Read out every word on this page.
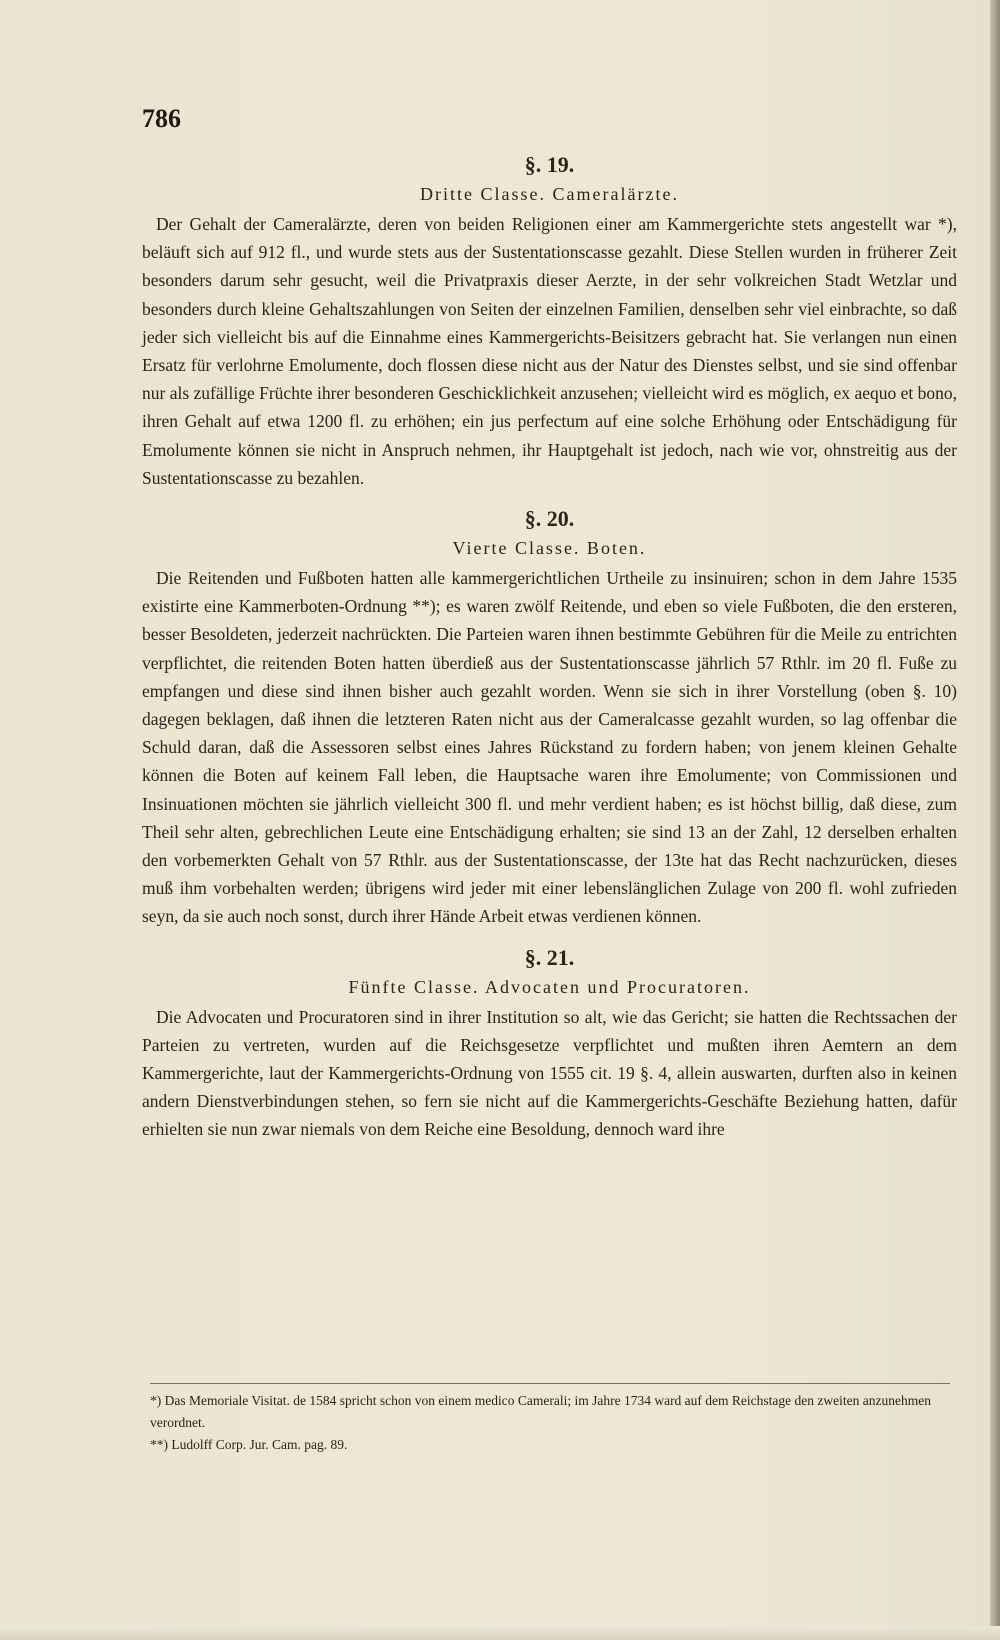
786

§. 19.

Dritte Classe. Cameralärzte.

Der Gehalt der Cameralärzte, deren von beiden Religionen einer am Kammergerichte stets angestellt war *), beläuft sich auf 912 fl., und wurde stets aus der Sustentationscasse gezahlt. Diese Stellen wurden in früherer Zeit besonders darum sehr gesucht, weil die Privatpraxis dieser Aerzte, in der sehr volkreichen Stadt Wetzlar und besonders durch kleine Gehaltszahlungen von Seiten der einzelnen Familien, denselben sehr viel einbrachte, so daß jeder sich vielleicht bis auf die Einnahme eines Kammergerichts-Beisitzers gebracht hat. Sie verlangen nun einen Ersatz für verlohrne Emolumente, doch flossen diese nicht aus der Natur des Dienstes selbst, und sie sind offenbar nur als zufällige Früchte ihrer besonderen Geschicklichkeit anzusehen; vielleicht wird es möglich, ex aequo et bono, ihren Gehalt auf etwa 1200 fl. zu erhöhen; ein jus perfectum auf eine solche Erhöhung oder Entschädigung für Emolumente können sie nicht in Anspruch nehmen, ihr Hauptgehalt ist jedoch, nach wie vor, ohnstreitig aus der Sustentationscasse zu bezahlen.

§. 20.

Vierte Classe. Boten.

Die Reitenden und Fußboten hatten alle kammergerichtlichen Urtheile zu insinuiren; schon in dem Jahre 1535 existirte eine Kammerboten-Ordnung **); es waren zwölf Reitende, und eben so viele Fußboten, die den ersteren, besser Besoldeten, jederzeit nachrückten. Die Parteien waren ihnen bestimmte Gebühren für die Meile zu entrichten verpflichtet, die reitenden Boten hatten überdieß aus der Sustentationscasse jährlich 57 Rthlr. im 20 fl. Fuße zu empfangen und diese sind ihnen bisher auch gezahlt worden. Wenn sie sich in ihrer Vorstellung (oben §. 10) dagegen beklagen, daß ihnen die letzteren Raten nicht aus der Cameralcasse gezahlt wurden, so lag offenbar die Schuld daran, daß die Assessoren selbst eines Jahres Rückstand zu fordern haben; von jenem kleinen Gehalte können die Boten auf keinem Fall leben, die Hauptsache waren ihre Emolumente; von Commissionen und Insinuationen möchten sie jährlich vielleicht 300 fl. und mehr verdient haben; es ist höchst billig, daß diese, zum Theil sehr alten, gebrechlichen Leute eine Entschädigung erhalten; sie sind 13 an der Zahl, 12 derselben erhalten den vorbemerkten Gehalt von 57 Rthlr. aus der Sustentationscasse, der 13te hat das Recht nachzurücken, dieses muß ihm vorbehalten werden; übrigens wird jeder mit einer lebenslänglichen Zulage von 200 fl. wohl zufrieden seyn, da sie auch noch sonst, durch ihrer Hände Arbeit etwas verdienen können.

§. 21.

Fünfte Classe. Advocaten und Procuratoren.

Die Advocaten und Procuratoren sind in ihrer Institution so alt, wie das Gericht; sie hatten die Rechtssachen der Parteien zu vertreten, wurden auf die Reichsgesetze verpflichtet und mußten ihren Aemtern an dem Kammergerichte, laut der Kammergerichts-Ordnung von 1555 cit. 19 §. 4, allein auswarten, durften also in keinen andern Dienstverbindungen stehen, so fern sie nicht auf die Kammergerichts-Geschäfte Beziehung hatten, dafür erhielten sie nun zwar niemals von dem Reiche eine Besoldung, dennoch ward ihre

*) Das Memoriale Visitat. de 1584 spricht schon von einem medico Camerali; im Jahre 1734 ward auf dem Reichstage den zweiten anzunehmen verordnet.

**) Ludolff Corp. Jur. Cam. pag. 89.
